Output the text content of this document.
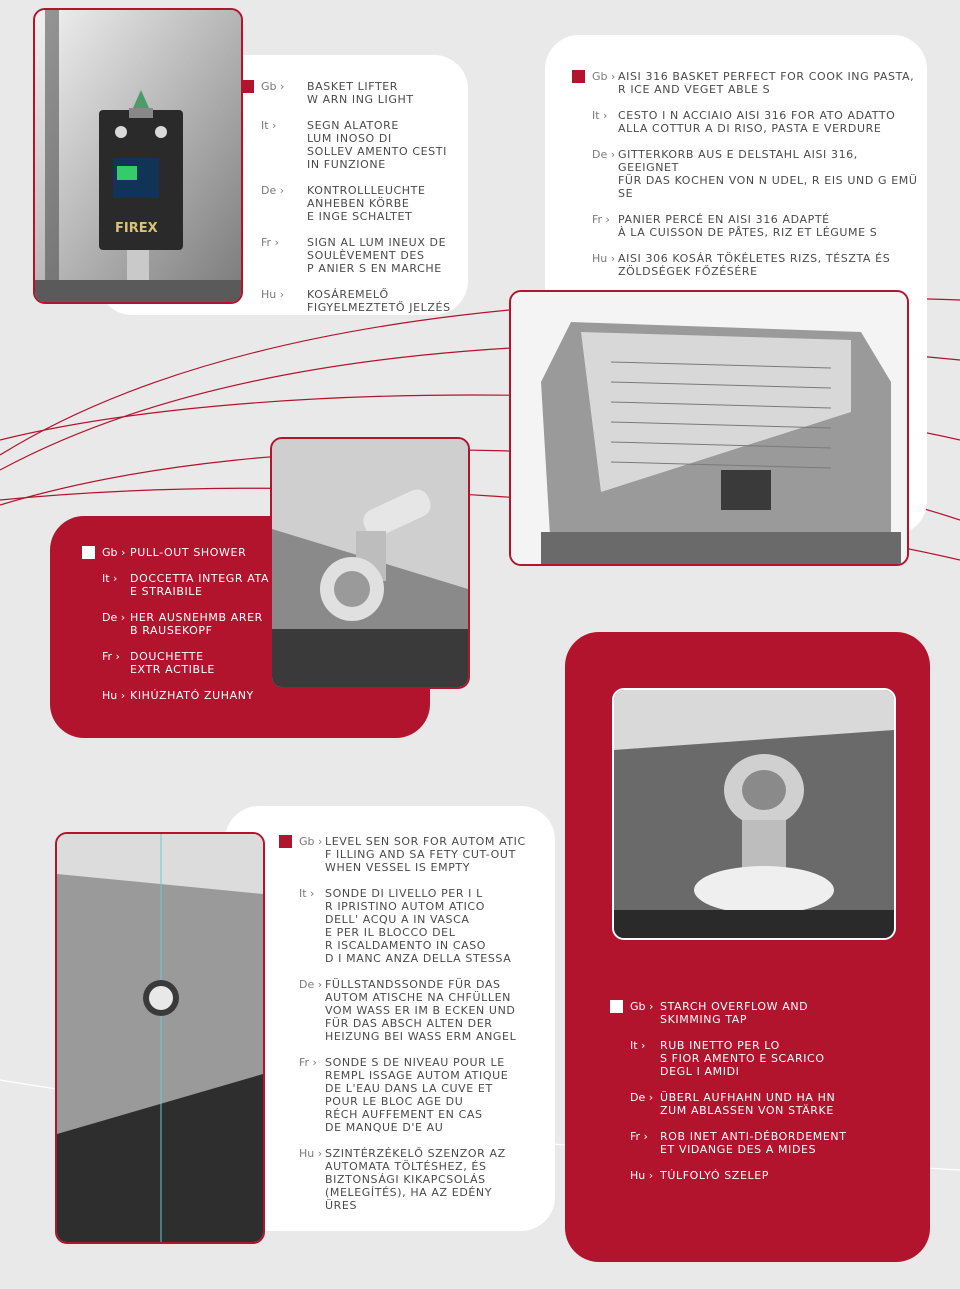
FIREX
Gb › BASKET LIFTER
W ARN ING LIGHT
It ›	SEGN ALATORE
LUM INOSO DI
SOLLEV AMENTO CESTI
IN FUNZIONE
De › KONTROLLLEUCHTE
ANHEBEN KÖRBE
E INGE SCHALTET
Fr ›	SIGN AL LUM INEUX DE
SOULÈVEMENT DES
P ANIER S EN MARCHE
Hu › KOSÁREMELŐ
FIGYELMEZTETŐ JELZÉS
Gb › AISI 316 BASKET PERFECT FOR COOK ING PASTA,
R ICE AND VEGET ABLE S
It › CESTO I N ACCIAIO AISI 316 FOR ATO ADATTO
ALLA COTTUR A DI RISO, PASTA E VERDURE
De › GITTERKORB AUS E DELSTAHL AISI 316, GEEIGNET
FÜR DAS KOCHEN VON N UDEL, R EIS UND G EMÜ SE
Fr › PANIER PERCÉ EN AISI 316 ADAPTÉ
À LA CUISSON DE PÂTES, RIZ ET LÉGUME S
Hu › AISI 306 KOSÁR TÖKÉLETES RIZS, TÉSZTA ÉS
ZÖLDSÉGEK FŐZÉSÉRE
Gb › PULL-OUT SHOWER
It › DOCCETTA INTEGR ATA
E STRAIBILE
De › HER AUSNEHMB ARER
B RAUSEKOPF
Fr › DOUCHETTE
EXTR ACTIBLE
Hu › KIHÚZHATÓ ZUHANY
Gb › LEVEL SEN SOR FOR AUTOM ATIC
F ILLING AND SA FETY CUT-OUT
WHEN VESSEL IS EMPTY
It › SONDE DI LIVELLO PER I L
R IPRISTINO AUTOM ATICO
DELL' ACQU A IN VASCA
E PER IL BLOCCO DEL
R ISCALDAMENTO IN CASO
D I MANC ANZA DELLA STESSA
De › FÜLLSTANDSSONDE FÜR DAS
AUTOM ATISCHE NA CHFÜLLEN
VOM WASS ER IM B ECKEN UND
FÜR DAS ABSCH ALTEN DER
HEIZUNG BEI WASS ERM ANGEL
Fr › SONDE S DE NIVEAU POUR LE
REMPL ISSAGE AUTOM ATIQUE
DE L'EAU DANS LA CUVE ET
POUR LE BLOC AGE DU
RÉCH AUFFEMENT EN CAS
DE MANQUE D'E AU
Hu › SZINTÉRZÉKELŐ SZENZOR AZ
AUTOMATA TÖLTÉSHEZ, ÉS
BIZTONSÁGI KIKAPCSOLÁS
(MELEGÍTÉS), HA AZ EDÉNY
ÜRES
Gb › STARCH OVERFLOW AND
SKIMMING TAP
It › RUB INETTO PER LO
S FIOR AMENTO E SCARICO
DEGL I AMIDI
De › ÜBERL AUFHAHN UND HA HN
ZUM ABLASSEN VON STÄRKE
Fr › ROB INET ANTI-DÉBORDEMENT
ET VIDANGE DES A MIDES
Hu › TÚLFOLYÓ SZELEP
